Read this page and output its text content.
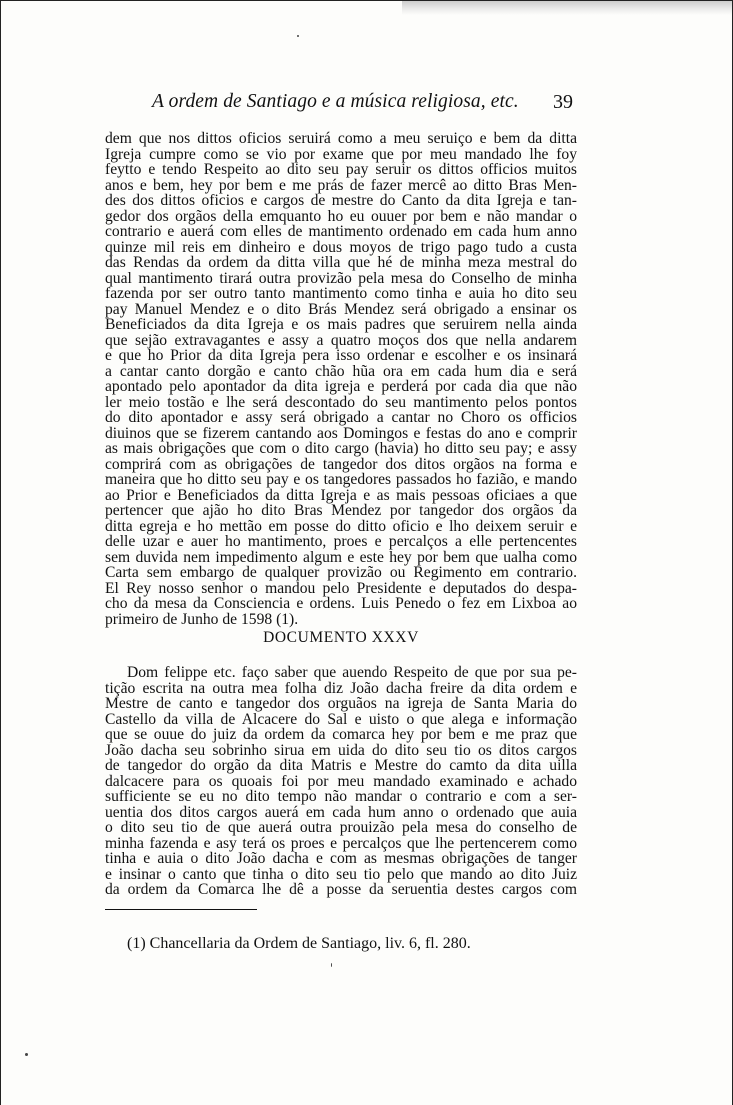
A ordem de Santiago e a música religiosa, etc. 39
dem que nos dittos oficios seruirá como a meu seruiço e bem da ditta
Igreja cumpre como se vio por exame que por meu mandado lhe foy
feytto e tendo Respeito ao dito seu pay seruir os dittos officios muitos
anos e bem, hey por bem e me prás de fazer mercê ao ditto Bras Men-
des dos dittos oficios e cargos de mestre do Canto da dita Igreja e tan-
gedor dos orgãos della emquanto ho eu ouuer por bem e não mandar o
contrario e auerá com elles de mantimento ordenado em cada hum anno
quinze mil reis em dinheiro e dous moyos de trigo pago tudo a custa
das Rendas da ordem da ditta villa que hé de minha meza mestral do
qual mantimento tirará outra provizão pela mesa do Conselho de minha
fazenda por ser outro tanto mantimento como tinha e auia ho dito seu
pay Manuel Mendez e o dito Brás Mendez será obrigado a ensinar os
Beneficiados da dita Igreja e os mais padres que seruirem nella ainda
que sejão extravagantes e assy a quatro moços dos que nella andarem
e que ho Prior da dita Igreja pera isso ordenar e escolher e os insinará
a cantar canto dorgão e canto chão hũa ora em cada hum dia e será
apontado pelo apontador da dita igreja e perderá por cada dia que não
ler meio tostão e lhe será descontado do seu mantimento pelos pontos
do dito apontador e assy será obrigado a cantar no Choro os officios
diuinos que se fizerem cantando aos Domingos e festas do ano e comprir
as mais obrigações que com o dito cargo (havia) ho ditto seu pay; e assy
comprirá com as obrigações de tangedor dos ditos orgãos na forma e
maneira que ho ditto seu pay e os tangedores passados ho fazião, e mando
ao Prior e Beneficiados da ditta Igreja e as mais pessoas oficiaes a que
pertencer que ajão ho dito Bras Mendez por tangedor dos orgãos da
ditta egreja e ho mettão em posse do ditto oficio e lho deixem seruir e
delle uzar e auer ho mantimento, proes e percalços a elle pertencentes
sem duvida nem impedimento algum e este hey por bem que ualha como
Carta sem embargo de qualquer provizão ou Regimento em contrario.
El Rey nosso senhor o mandou pelo Presidente e deputados do despa-
cho da mesa da Consciencia e ordens. Luis Penedo o fez em Lixboa ao
primeiro de Junho de 1598 (1).
DOCUMENTO XXXV
Dom felippe etc. faço saber que auendo Respeito de que por sua pe-
tição escrita na outra mea folha diz João dacha freire da dita ordem e
Mestre de canto e tangedor dos orguãos na igreja de Santa Maria do
Castello da villa de Alcacere do Sal e uisto o que alega e informação
que se ouue do juiz da ordem da comarca hey por bem e me praz que
João dacha seu sobrinho sirua em uida do dito seu tio os ditos cargos
de tangedor do orgão da dita Matris e Mestre do camto da dita uilla
dalcacere para os quoais foi por meu mandado examinado e achado
sufficiente se eu no dito tempo não mandar o contrario e com a ser-
uentia dos ditos cargos auerá em cada hum anno o ordenado que auia
o dito seu tio de que auerá outra prouizão pela mesa do conselho de
minha fazenda e asy terá os proes e percalços que lhe pertencerem como
tinha e auia o dito João dacha e com as mesmas obrigações de tanger
e insinar o canto que tinha o dito seu tio pelo que mando ao dito Juiz
da ordem da Comarca lhe dê a posse da seruentia destes cargos com
(1) Chancellaria da Ordem de Santiago, liv. 6, fl. 280.
